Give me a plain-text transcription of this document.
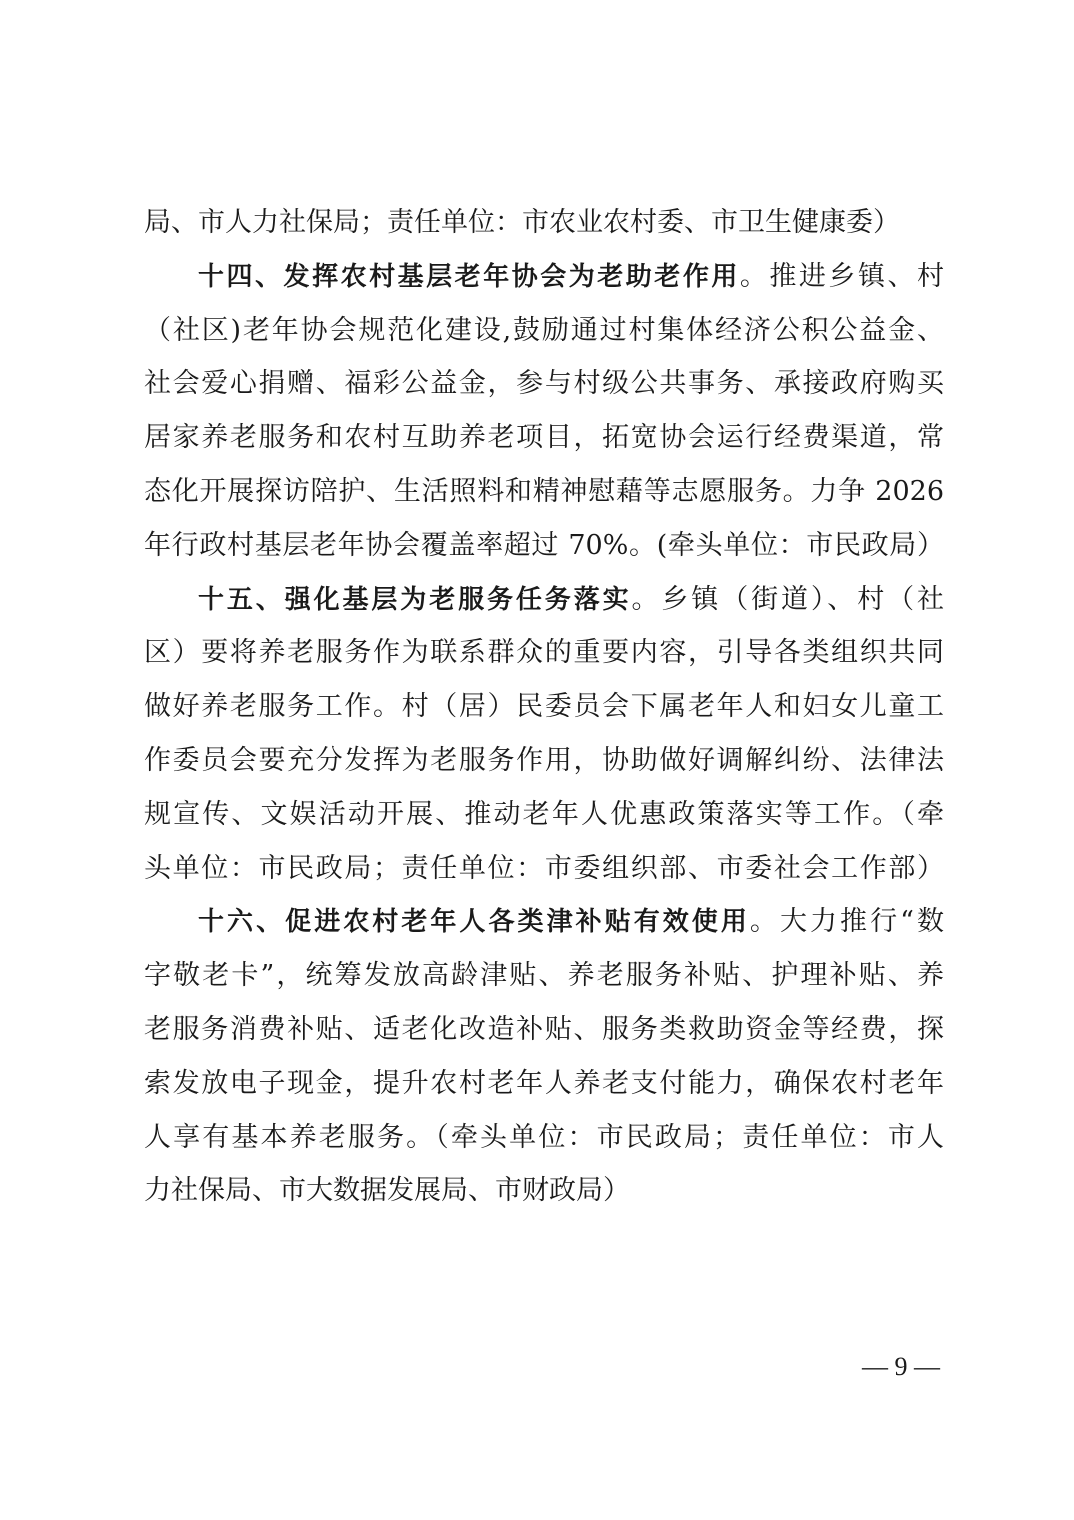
局、市人力社保局；责任单位：市农业农村委、市卫生健康委）
十四、发挥农村基层老年协会为老助老作用。推进乡镇、村
（社区)老年协会规范化建设,鼓励通过村集体经济公积公益金、
社会爱心捐赠、福彩公益金，参与村级公共事务、承接政府购买
居家养老服务和农村互助养老项目，拓宽协会运行经费渠道，常
态化开展探访陪护、生活照料和精神慰藉等志愿服务。力争 2026
年行政村基层老年协会覆盖率超过 70%。(牵头单位：市民政局）
十五、强化基层为老服务任务落实。乡镇（街道）、村（社
区）要将养老服务作为联系群众的重要内容，引导各类组织共同
做好养老服务工作。村（居）民委员会下属老年人和妇女儿童工
作委员会要充分发挥为老服务作用，协助做好调解纠纷、法律法
规宣传、文娱活动开展、推动老年人优惠政策落实等工作。（牵
头单位：市民政局；责任单位：市委组织部、市委社会工作部）
十六、促进农村老年人各类津补贴有效使用。大力推行“数
字敬老卡”，统筹发放高龄津贴、养老服务补贴、护理补贴、养
老服务消费补贴、适老化改造补贴、服务类救助资金等经费，探
索发放电子现金，提升农村老年人养老支付能力，确保农村老年
人享有基本养老服务。（牵头单位：市民政局；责任单位：市人
力社保局、市大数据发展局、市财政局）
— 9 —
